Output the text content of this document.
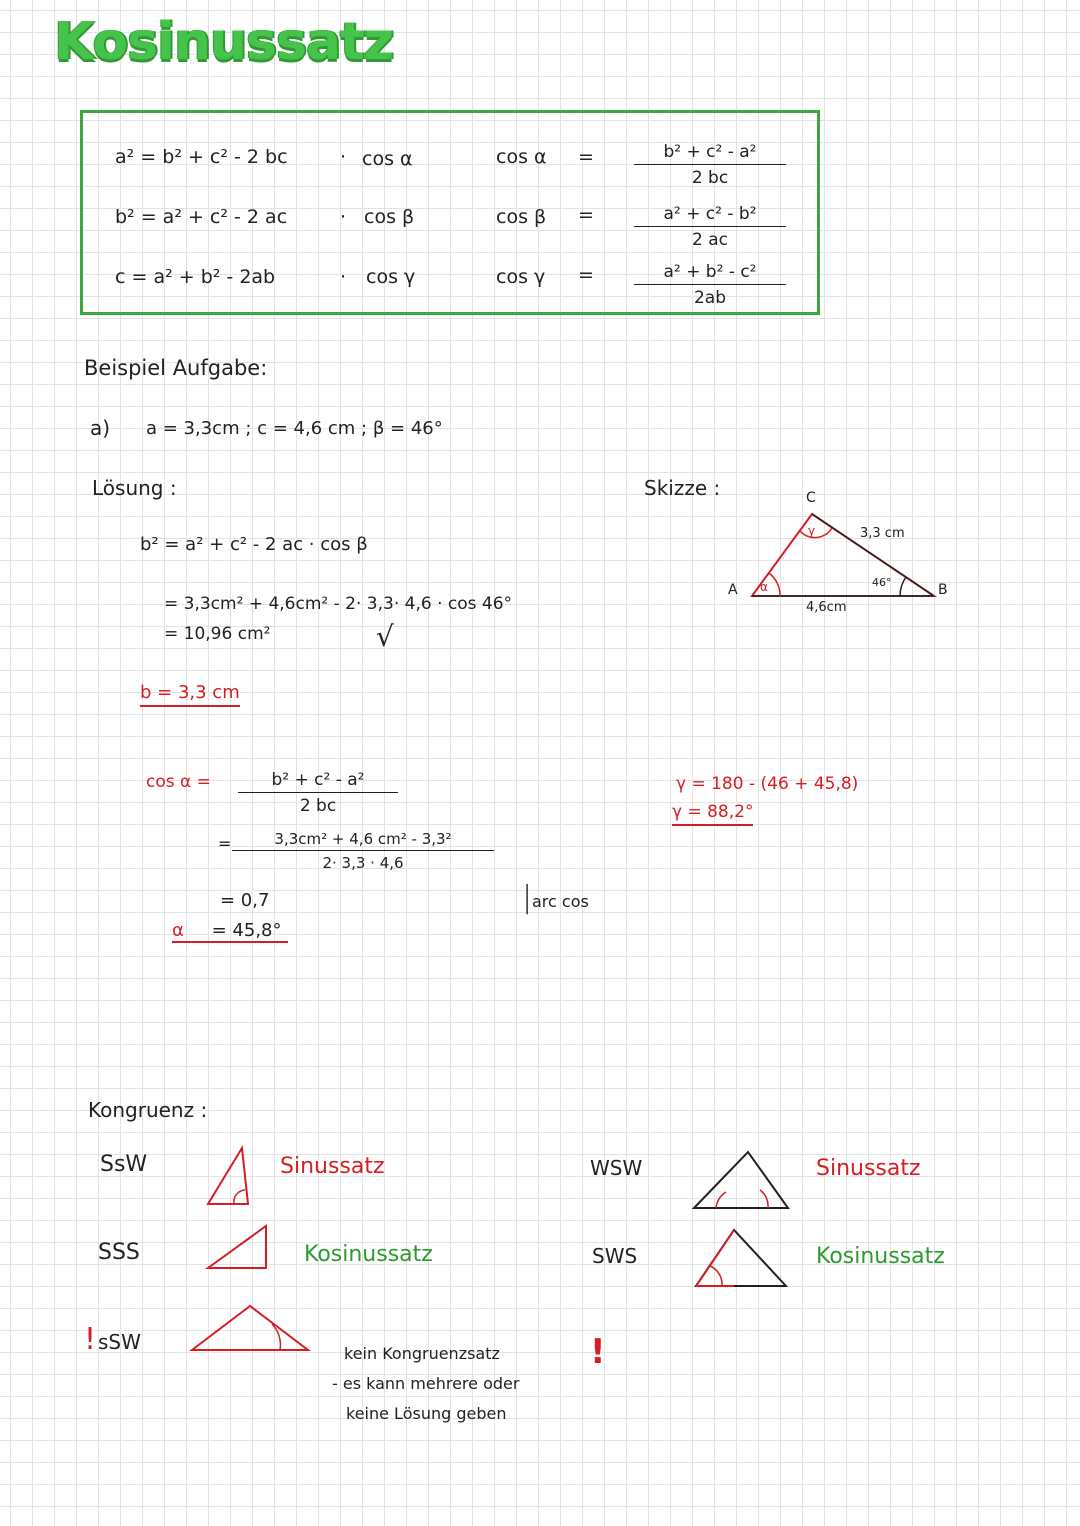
Kosinussatz
a² = b² + c² - 2 bc	· cos α	$\cos \alpha = \frac{\text{b² + c² - a²}}{2 bc}$
b² = a² + c² - 2 ac	· cos β	$\cos \beta = \frac{\text{a² + c² - b²}}{2 ac}$
c = a² + b² - 2ab	· cos γ	$\cos \gamma = \frac{\text{a² + b² - c²}}{2ab}$
Beispiel Aufgabe:
a) a = 3,3cm ; c = 4,6 cm ; β = 46°
Lösung :	Skizze :
b² = a² + c² - 2 ac · cos β
= 3,3cm² + 4,6cm² - 2· 3,3· 4,6 · cos 46°
= 10,96 cm²	√
b = 3,3 cm
$\cos \alpha = \frac{\text{b² + c² - a²}}{2 bc}$
= $\frac{\text{3,3cm² + 4,6 cm² - 3,3²}}{2\cdot 3,3 \cdot 4,6}$
= 0,7	| arc cos
α = 45,8°
γ = 180 - (46 + 45,8)
γ = 88,2°
A	B
C
3,3 cm
4,6cm
46°
α
γ
Kongruenz :
SsW	Sinussatz
SSS	Kosinussatz
WSW	Sinussatz
SWS	Kosinussatz
! sSW	kein Kongruenzsatz
- es kann mehrere oder
keine Lösung geben
!
